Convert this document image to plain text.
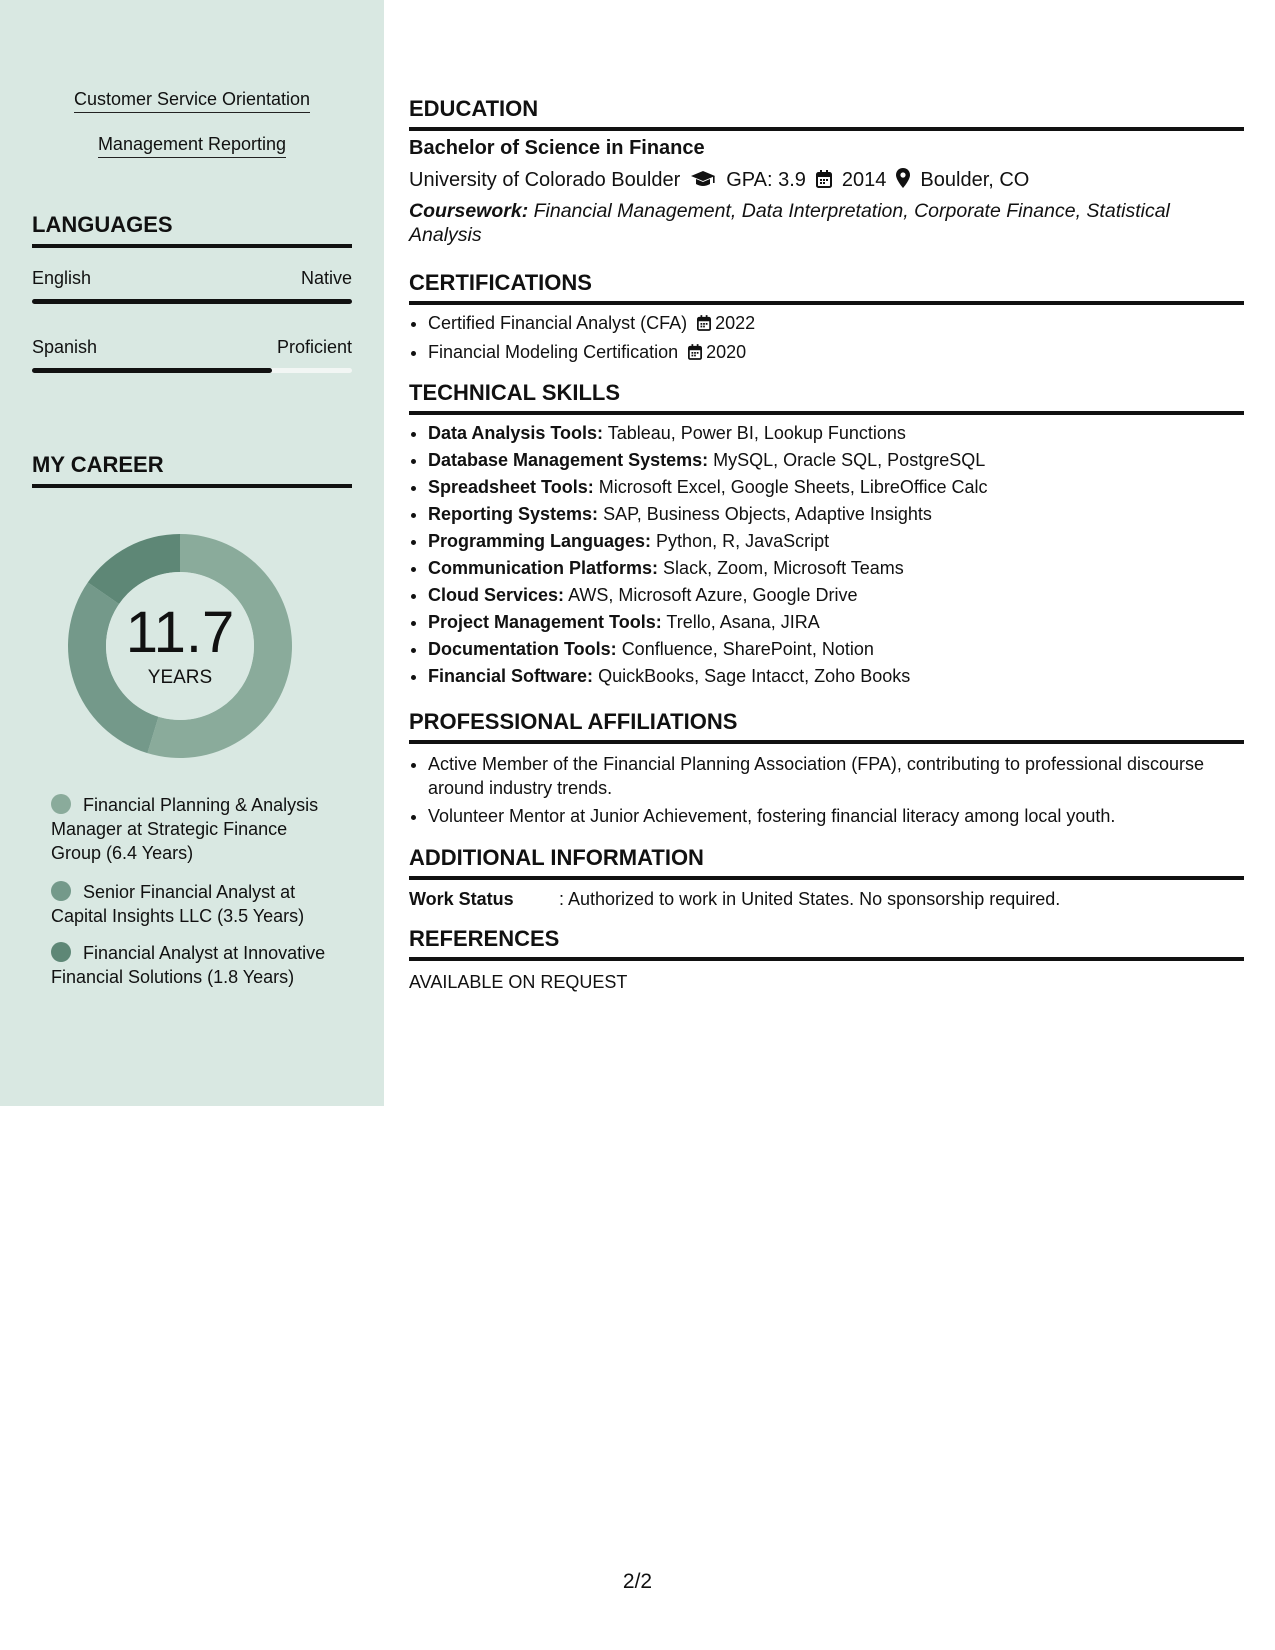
Customer Service Orientation
Management Reporting
LANGUAGES
English	Native
Spanish	Proficient
MY CAREER
11.7
YEARS
Financial Planning & Analysis Manager at Strategic Finance Group (6.4 Years)
Senior Financial Analyst at Capital Insights LLC (3.5 Years)
Financial Analyst at Innovative Financial Solutions (1.8 Years)
EDUCATION
Bachelor of Science in Finance
University of Colorado Boulder GPA: 3.9 2014 Boulder, CO
Coursework: Financial Management, Data Interpretation, Corporate Finance, Statistical Analysis
CERTIFICATIONS
• Certified Financial Analyst (CFA) 2022
• Financial Modeling Certification 2020
TECHNICAL SKILLS
• Data Analysis Tools: Tableau, Power BI, Lookup Functions
• Database Management Systems: MySQL, Oracle SQL, PostgreSQL
• Spreadsheet Tools: Microsoft Excel, Google Sheets, LibreOffice Calc
• Reporting Systems: SAP, Business Objects, Adaptive Insights
• Programming Languages: Python, R, JavaScript
• Communication Platforms: Slack, Zoom, Microsoft Teams
• Cloud Services: AWS, Microsoft Azure, Google Drive
• Project Management Tools: Trello, Asana, JIRA
• Documentation Tools: Confluence, SharePoint, Notion
• Financial Software: QuickBooks, Sage Intacct, Zoho Books
PROFESSIONAL AFFILIATIONS
• Active Member of the Financial Planning Association (FPA), contributing to professional discourse around industry trends.
• Volunteer Mentor at Junior Achievement, fostering financial literacy among local youth.
ADDITIONAL INFORMATION
Work Status	: Authorized to work in United States. No sponsorship required.
REFERENCES
AVAILABLE ON REQUEST
2/2
